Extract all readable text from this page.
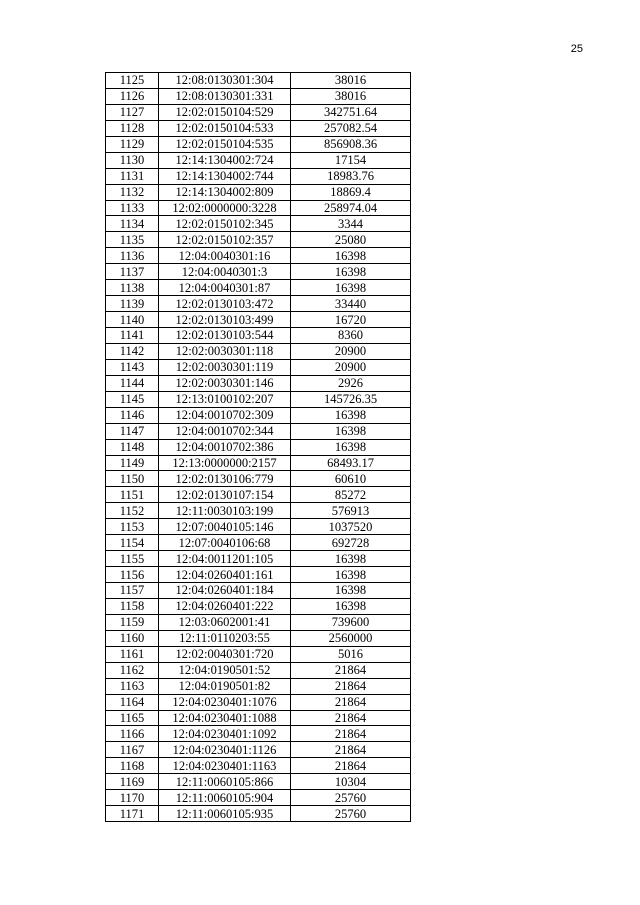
25
1125	12:08:0130301:304	38016
1126	12:08:0130301:331	38016
1127	12:02:0150104:529	342751.64
1128	12:02:0150104:533	257082.54
1129	12:02:0150104:535	856908.36
1130	12:14:1304002:724	17154
1131	12:14:1304002:744	18983.76
1132	12:14:1304002:809	18869.4
1133	12:02:0000000:3228	258974.04
1134	12:02:0150102:345	3344
1135	12:02:0150102:357	25080
1136	12:04:0040301:16	16398
1137	12:04:0040301:3	16398
1138	12:04:0040301:87	16398
1139	12:02:0130103:472	33440
1140	12:02:0130103:499	16720
1141	12:02:0130103:544	8360
1142	12:02:0030301:118	20900
1143	12:02:0030301:119	20900
1144	12:02:0030301:146	2926
1145	12:13:0100102:207	145726.35
1146	12:04:0010702:309	16398
1147	12:04:0010702:344	16398
1148	12:04:0010702:386	16398
1149	12:13:0000000:2157	68493.17
1150	12:02:0130106:779	60610
1151	12:02:0130107:154	85272
1152	12:11:0030103:199	576913
1153	12:07:0040105:146	1037520
1154	12:07:0040106:68	692728
1155	12:04:0011201:105	16398
1156	12:04:0260401:161	16398
1157	12:04:0260401:184	16398
1158	12:04:0260401:222	16398
1159	12:03:0602001:41	739600
1160	12:11:0110203:55	2560000
1161	12:02:0040301:720	5016
1162	12:04:0190501:52	21864
1163	12:04:0190501:82	21864
1164	12:04:0230401:1076	21864
1165	12:04:0230401:1088	21864
1166	12:04:0230401:1092	21864
1167	12:04:0230401:1126	21864
1168	12:04:0230401:1163	21864
1169	12:11:0060105:866	10304
1170	12:11:0060105:904	25760
1171	12:11:0060105:935	25760
